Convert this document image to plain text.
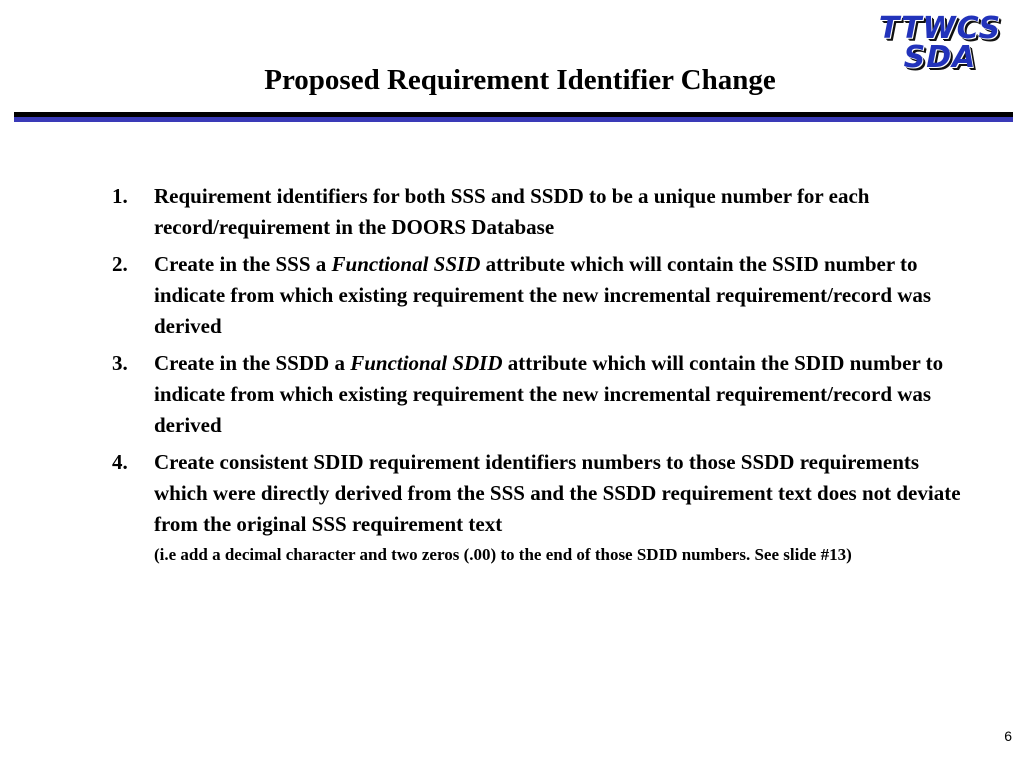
TTWCS
SDA
Proposed Requirement Identifier Change
1.	Requirement identifiers for both SSS and SSDD to be a unique number for each record/requirement in the DOORS Database
2.	Create in the SSS a Functional SSID attribute which will contain the SSID number to indicate from which existing requirement the new incremental requirement/record was derived
3.	Create in the SSDD a Functional SDID attribute which will contain the SDID number to indicate from which existing requirement the new incremental requirement/record was derived
4.	Create consistent SDID requirement identifiers numbers to those SSDD requirements which were directly derived from the SSS and the SSDD requirement text does not deviate from the original SSS requirement text
(i.e add a decimal character and two zeros (.00) to the end of those SDID numbers. See slide #13)
6
